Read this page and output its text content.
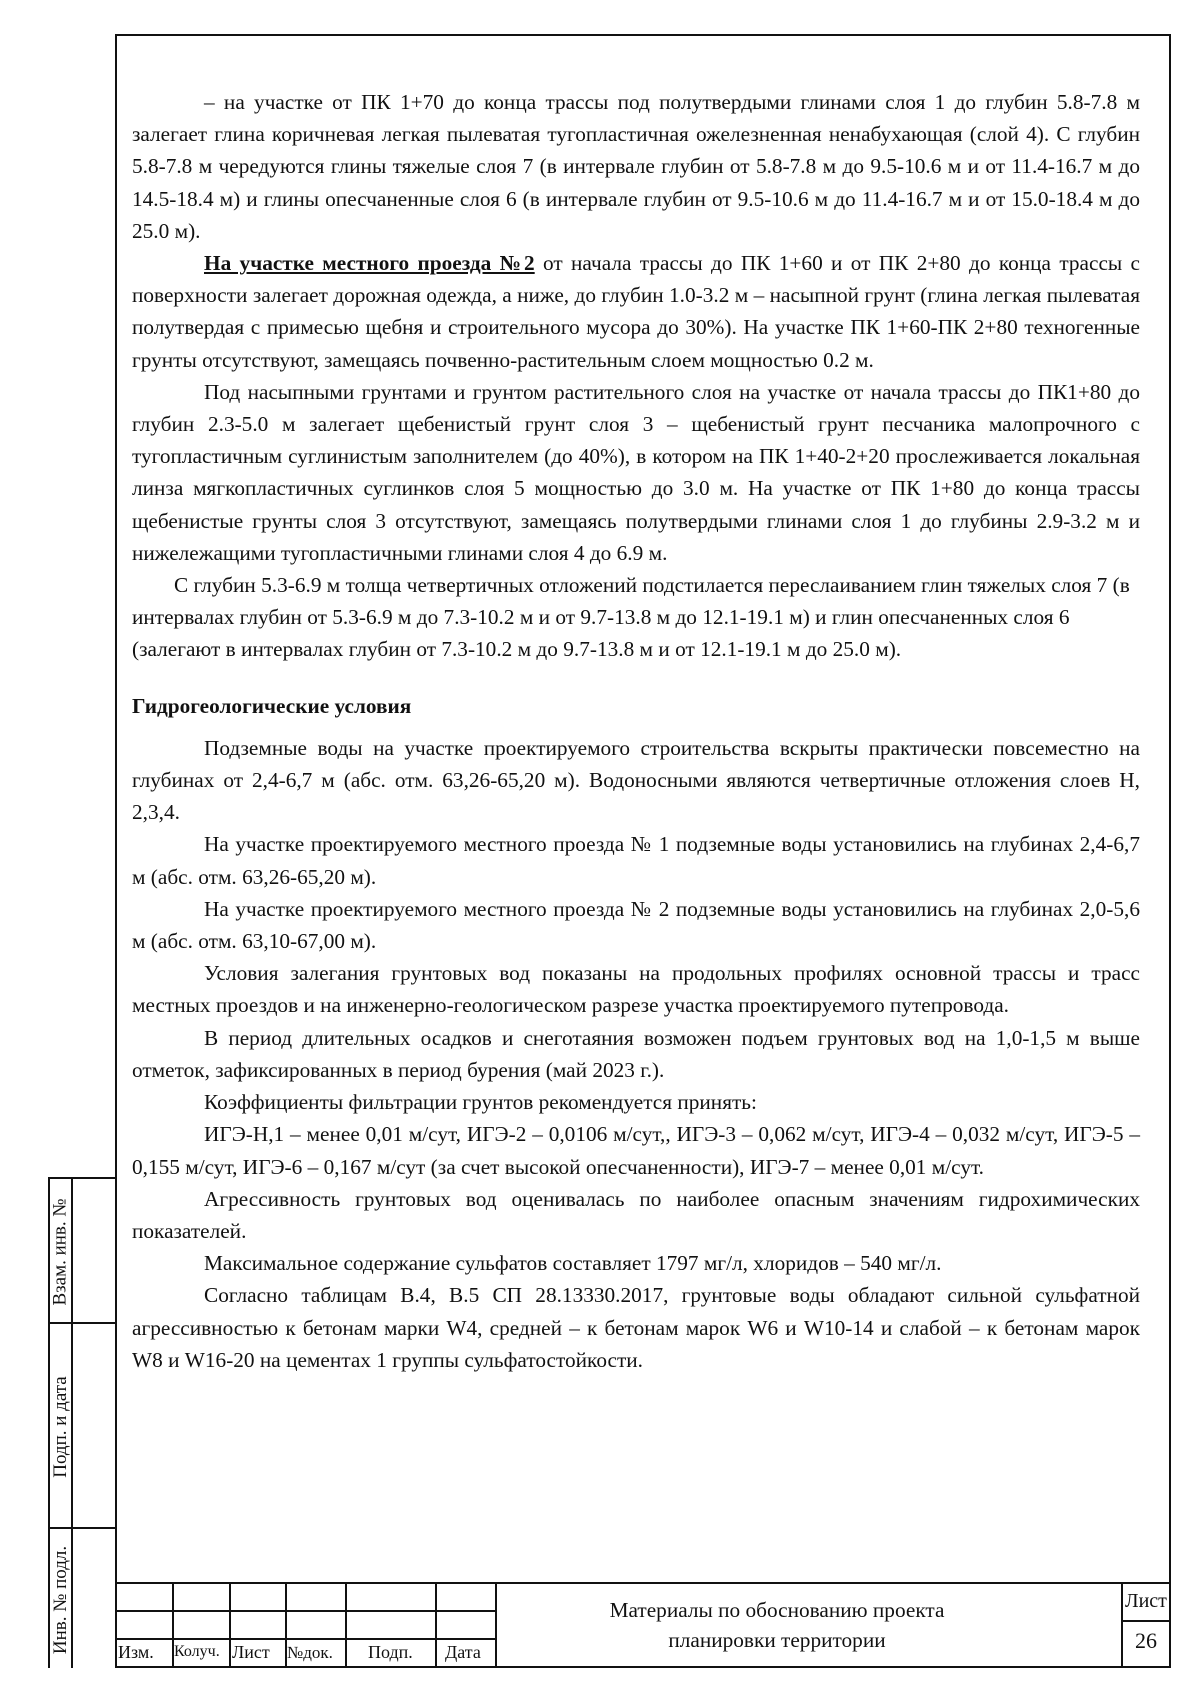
– на участке от ПК 1+70 до конца трассы под полутвердыми глинами слоя 1 до глубин 5.8-7.8 м залегает глина коричневая легкая пылеватая тугопластичная ожелезненная ненабухающая (слой 4). С глубин 5.8-7.8 м чередуются глины тяжелые слоя 7 (в интервале глубин от 5.8-7.8 м до 9.5-10.6 м и от 11.4-16.7 м до 14.5-18.4 м) и глины опесчаненные слоя 6 (в интервале глубин от 9.5-10.6 м до 11.4-16.7 м и от 15.0-18.4 м до 25.0 м).

На участке местного проезда №2 от начала трассы до ПК 1+60 и от ПК 2+80 до конца трассы с поверхности залегает дорожная одежда, а ниже, до глубин 1.0-3.2 м – насыпной грунт (глина легкая пылеватая полутвердая с примесью щебня и строительного мусора до 30%). На участке ПК 1+60-ПК 2+80 техногенные грунты отсутствуют, замещаясь почвенно-растительным слоем мощностью 0.2 м.

Под насыпными грунтами и грунтом растительного слоя на участке от начала трассы до ПК1+80 до глубин 2.3-5.0 м залегает щебенистый грунт слоя 3 – щебенистый грунт песчаника малопрочного с тугопластичным суглинистым заполнителем (до 40%), в котором на ПК 1+40-2+20 прослеживается локальная линза мягкопластичных суглинков слоя 5 мощностью до 3.0 м. На участке от ПК 1+80 до конца трассы щебенистые грунты слоя 3 отсутствуют, замещаясь полутвердыми глинами слоя 1 до глубины 2.9-3.2 м и нижележащими тугопластичными глинами слоя 4 до 6.9 м.

С глубин 5.3-6.9 м толща четвертичных отложений подстилается переслаиванием глин тяжелых слоя 7 (в интервалах глубин от 5.3-6.9 м до 7.3-10.2 м и от 9.7-13.8 м до 12.1-19.1 м) и глин опесчаненных слоя 6 (залегают в интервалах глубин от 7.3-10.2 м до 9.7-13.8 м и от 12.1-19.1 м до 25.0 м).

Гидрогеологические условия

Подземные воды на участке проектируемого строительства вскрыты практически повсеместно на глубинах от 2,4-6,7 м (абс. отм. 63,26-65,20 м). Водоносными являются четвертичные отложения слоев Н, 2,3,4.

На участке проектируемого местного проезда № 1 подземные воды установились на глубинах 2,4-6,7 м (абс. отм. 63,26-65,20 м).

На участке проектируемого местного проезда № 2 подземные воды установились на глубинах 2,0-5,6 м (абс. отм. 63,10-67,00 м).

Условия залегания грунтовых вод показаны на продольных профилях основной трассы и трасс местных проездов и на инженерно-геологическом разрезе участка проектируемого путепровода.

В период длительных осадков и снеготаяния возможен подъем грунтовых вод на 1,0-1,5 м выше отметок, зафиксированных в период бурения (май 2023 г.).

Коэффициенты фильтрации грунтов рекомендуется принять:

ИГЭ-Н,1 – менее 0,01 м/сут, ИГЭ-2 – 0,0106 м/сут,, ИГЭ-3 – 0,062 м/сут, ИГЭ-4 – 0,032 м/сут, ИГЭ-5 – 0,155 м/сут, ИГЭ-6 – 0,167 м/сут (за счет высокой опесчаненности), ИГЭ-7 – менее 0,01 м/сут.

Агрессивность грунтовых вод оценивалась по наиболее опасным значениям гидрохимических показателей.

Максимальное содержание сульфатов составляет 1797 мг/л, хлоридов – 540 мг/л.

Согласно таблицам В.4, В.5 СП 28.13330.2017, грунтовые воды обладают сильной сульфатной агрессивностью к бетонам марки W4, средней – к бетонам марок W6 и W10-14 и слабой – к бетонам марок W8 и W16-20 на цементах 1 группы сульфатостойкости.

Взам. инв. №
Подп. и дата
Инв. № подл.	Изм. Колуч. Лист №док. Подп. Дата
Материалы по обоснованию проекта планировки территории
Лист
26
